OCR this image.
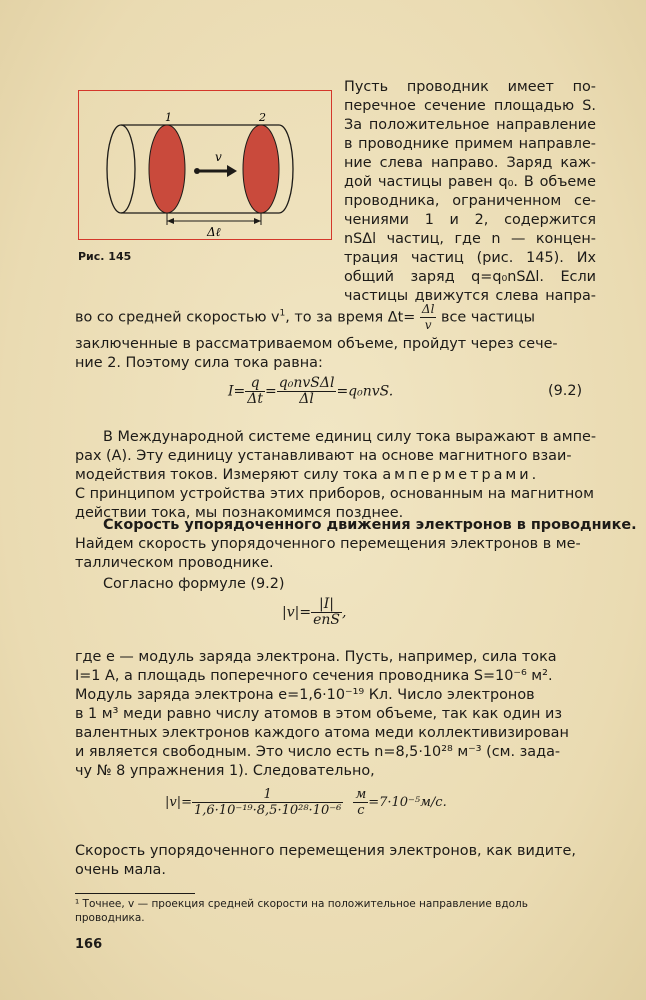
1	2
v
Δℓ
Рис. 145
Пусть проводник имеет по-
перечное сечение площадью S.
За положительное направление
в проводнике примем направле-
ние слева направо. Заряд каж-
дой частицы равен q₀. В объеме
проводника, ограниченном се-
чениями 1 и 2, содержится
nSΔl частиц, где n — концен-
трация частиц (рис. 145). Их
общий заряд q=q₀nSΔl. Если
частицы движутся слева напра-
во со средней скоростью $v^1$, то за время $\Delta t= \frac{\Delta l}{v}$ все частицы
заключенные в рассматриваемом объеме, пройдут через сече-
ние 2. Поэтому сила тока равна:
$I= \frac{q}{\Delta t} = \frac{\text{q₀nvSΔl}}{\Delta l} =q_0nvS$.	(9.2)
В Международной системе единиц силу тока выражают в ампе-
рах (А). Эту единицу устанавливают на основе магнитного взаи-
модействия токов. Измеряют силу тока амперметрами.
С принципом устройства этих приборов, основанным на магнитном
действии тока, мы познакомимся позднее.
Скорость упорядоченного движения электронов в проводнике.
Найдем скорость упорядоченного перемещения электронов в ме-
таллическом проводнике.
Согласно формуле (9.2)
$|v|= \frac{|I|}{\text{enS}}$ ,
где e — модуль заряда электрона. Пусть, например, сила тока
I=1 А, а площадь поперечного сечения проводника S=10⁻⁶ м².
Модуль заряда электрона e=1,6·10⁻¹⁹ Кл. Число электронов
в 1 м³ меди равно числу атомов в этом объеме, так как один из
валентных электронов каждого атома меди коллективизирован
и является свободным. Это число есть n=8,5·10²⁸ м⁻³ (см. зада-
чу № 8 упражнения 1). Следовательно,
$|v|= \frac{1}{\text{1,6·10⁻¹⁹·8,5·10²⁸·10⁻⁶}}$
$\frac{м}{с} =7\cdot 10^{-5}м/с$.
Скорость упорядоченного перемещения электронов, как видите,
очень мала.
¹ Точнее, v — проекция средней скорости на положительное направление вдоль проводника.
166
